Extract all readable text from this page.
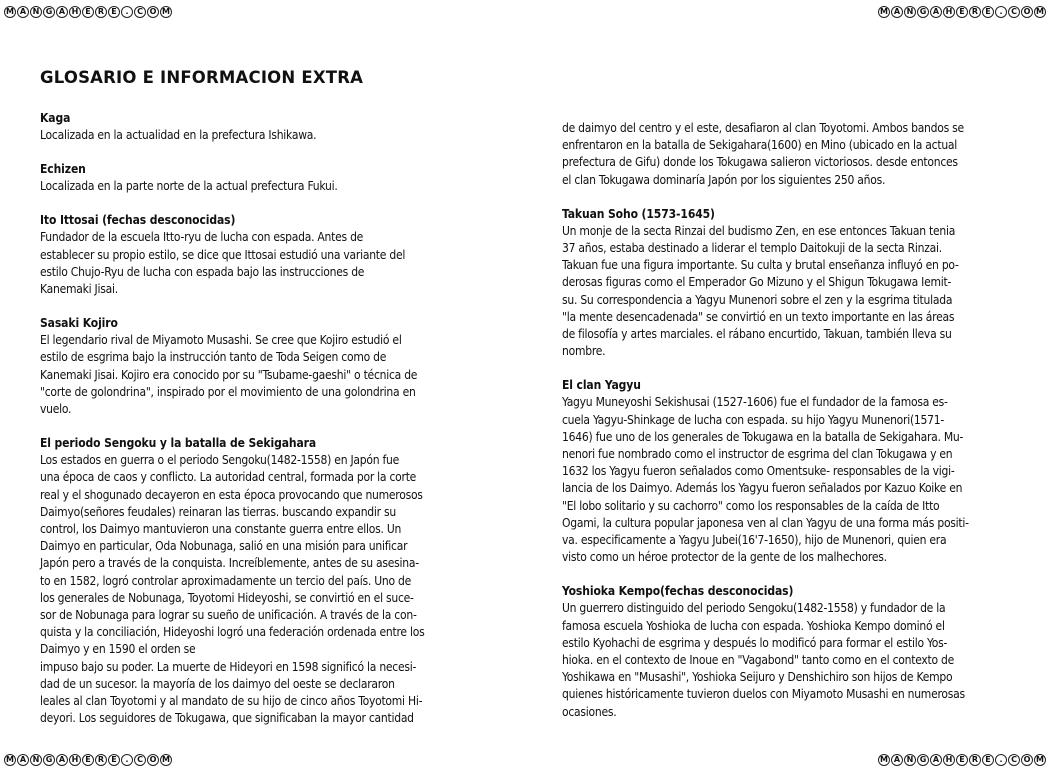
M A N G A H E R E	.	C O M	M A N G A H E R E	.	C O M
M A N G A H E R E	.	C O M	M A N G A H E R E	.	C O M
GLOSARIO E INFORMACION EXTRA
Kaga

Localizada en la actualidad en la prefectura Ishikawa.

Echizen

Localizada en la parte norte de la actual prefectura Fukui.

Ito Ittosai (fechas desconocidas)

Fundador de la escuela Itto-ryu de lucha con espada. Antes de
establecer su propio estilo, se dice que Ittosai estudió una variante del
estilo Chujo-Ryu de lucha con espada bajo las instrucciones de
Kanemaki Jisai.

Sasaki Kojiro

El legendario rival de Miyamoto Musashi. Se cree que Kojiro estudió el
estilo de esgrima bajo la instrucción tanto de Toda Seigen como de
Kanemaki Jisai. Kojiro era conocido por su "Tsubame-gaeshi" o técnica de
"corte de golondrina", inspirado por el movimiento de una golondrina en
vuelo.

El periodo Sengoku y la batalla de Sekigahara

Los estados en guerra o el periodo Sengoku(1482-1558) en Japón fue
una época de caos y conflicto. La autoridad central, formada por la corte
real y el shogunado decayeron en esta época provocando que numerosos
Daimyo(señores feudales) reinaran las tierras. buscando expandir su
control, los Daimyo mantuvieron una constante guerra entre ellos. Un
Daimyo en particular, Oda Nobunaga, salió en una misión para unificar
Japón pero a través de la conquista. Increíblemente, antes de su asesina-
to en 1582, logró controlar aproximadamente un tercio del país. Uno de
los generales de Nobunaga, Toyotomi Hideyoshi, se convirtió en el suce-
sor de Nobunaga para lograr su sueño de unificación. A través de la con-
quista y la conciliación, Hideyoshi logró una federación ordenada entre los
Daimyo y en 1590 el orden se
impuso bajo su poder. La muerte de Hideyori en 1598 significó la necesi-
dad de un sucesor. la mayoría de los daimyo del oeste se declararon
leales al clan Toyotomi y al mandato de su hijo de cinco años Toyotomi Hi-
deyori. Los seguidores de Tokugawa, que significaban la mayor cantidad

de daimyo del centro y el este, desafiaron al clan Toyotomi. Ambos bandos se
enfrentaron en la batalla de Sekigahara(1600) en Mino (ubicado en la actual
prefectura de Gifu) donde los Tokugawa salieron victoriosos. desde entonces
el clan Tokugawa dominaría Japón por los siguientes 250 años.

Takuan Soho (1573-1645)

Un monje de la secta Rinzai del budismo Zen, en ese entonces Takuan tenia
37 años, estaba destinado a liderar el templo Daitokuji de la secta Rinzai.
Takuan fue una figura importante. Su culta y brutal enseñanza influyó en po-
derosas figuras como el Emperador Go Mizuno y el Shigun Tokugawa Iemit-
su. Su correspondencia a Yagyu Munenori sobre el zen y la esgrima titulada
"la mente desencadenada" se convirtió en un texto importante en las áreas
de filosofía y artes marciales. el rábano encurtido, Takuan, también lleva su
nombre.

El clan Yagyu

Yagyu Muneyoshi Sekishusai (1527-1606) fue el fundador de la famosa es-
cuela Yagyu-Shinkage de lucha con espada. su hijo Yagyu Munenori(1571-
1646) fue uno de los generales de Tokugawa en la batalla de Sekigahara. Mu-
nenori fue nombrado como el instructor de esgrima del clan Tokugawa y en
1632 los Yagyu fueron señalados como Omentsuke- responsables de la vigi-
lancia de los Daimyo. Además los Yagyu fueron señalados por Kazuo Koike en
"El lobo solitario y su cachorro" como los responsables de la caída de Itto
Ogami, la cultura popular japonesa ven al clan Yagyu de una forma más positi-
va. especificamente a Yagyu Jubei(16'7-1650), hijo de Munenori, quien era
visto como un héroe protector de la gente de los malhechores.

Yoshioka Kempo(fechas desconocidas)

Un guerrero distinguido del periodo Sengoku(1482-1558) y fundador de la
famosa escuela Yoshioka de lucha con espada. Yoshioka Kempo dominó el
estilo Kyohachi de esgrima y después lo modificó para formar el estilo Yos-
hioka. en el contexto de Inoue en "Vagabond" tanto como en el contexto de
Yoshikawa en "Musashi", Yoshioka Seijuro y Denshichiro son hijos de Kempo
quienes históricamente tuvieron duelos con Miyamoto Musashi en numerosas
ocasiones.
